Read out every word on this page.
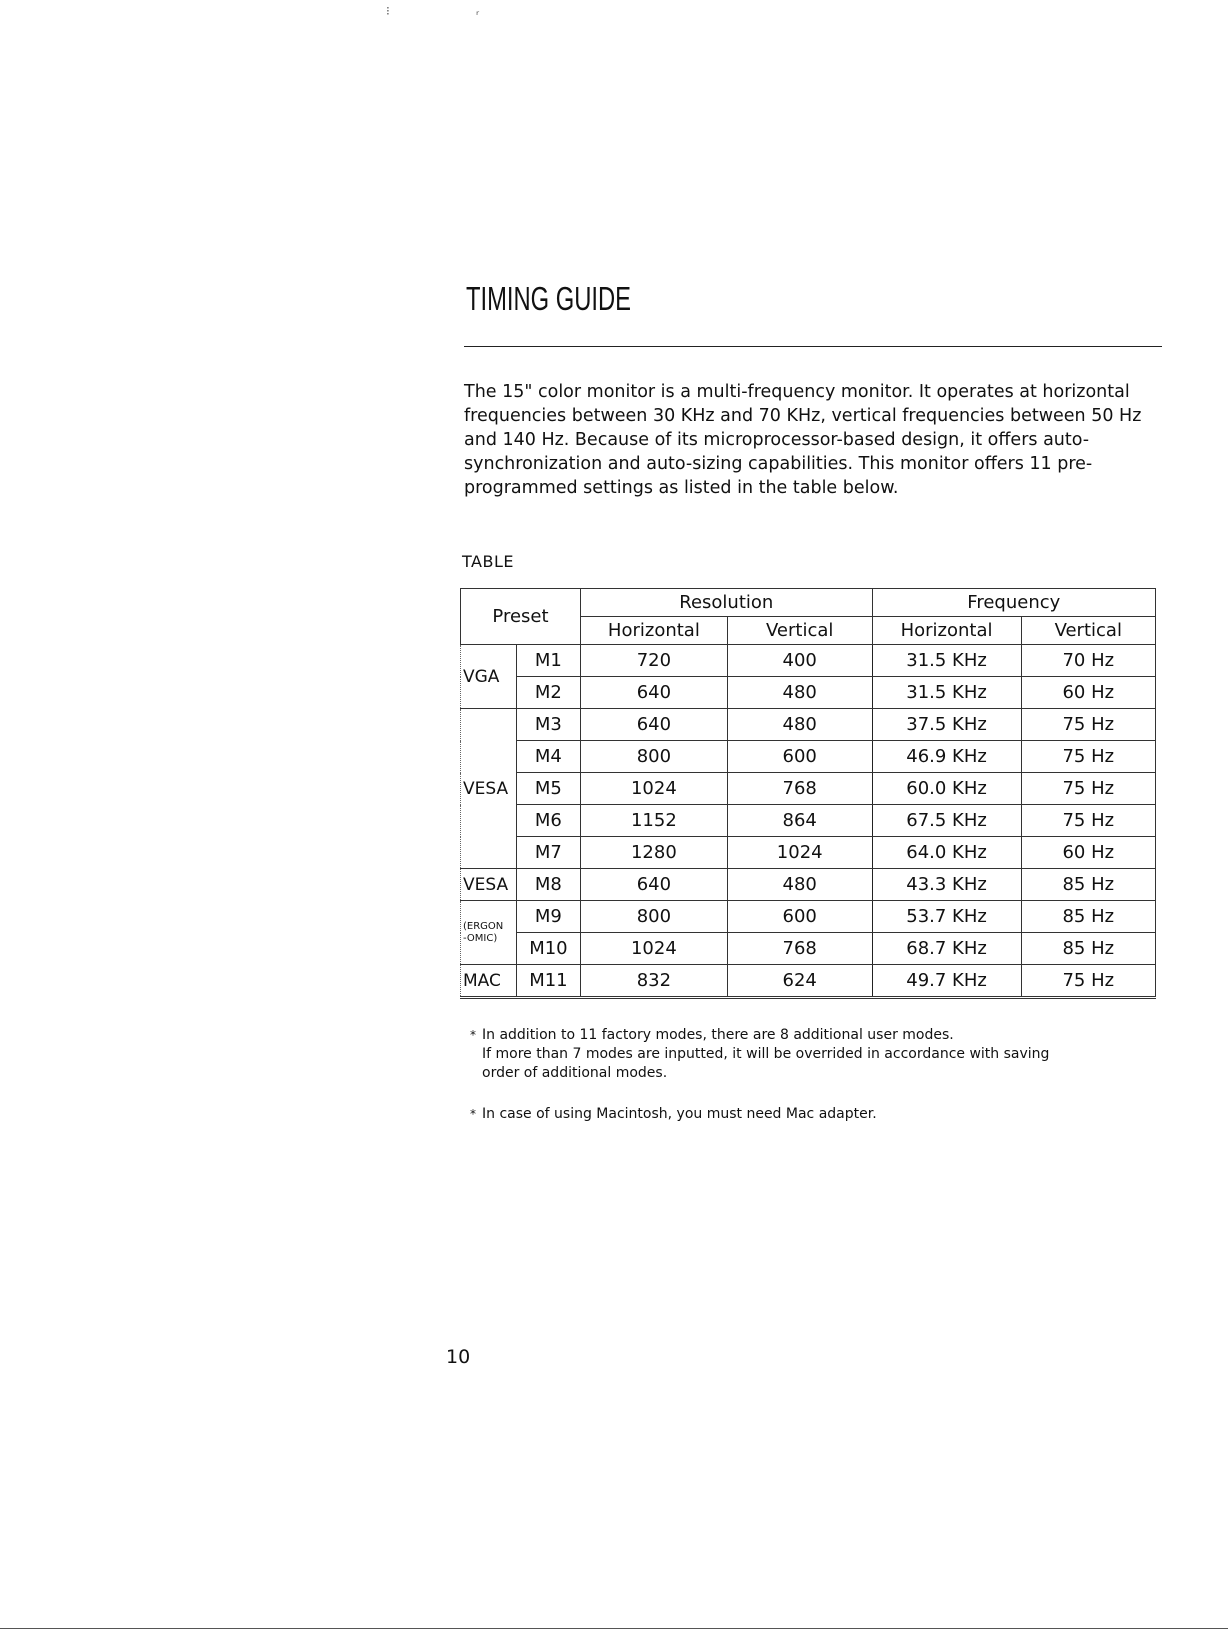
⁝	ʳ
TIMING GUIDE

The 15" color monitor is a multi-frequency monitor. It operates at horizontal frequencies between 30 KHz and 70 KHz, vertical frequencies between 50 Hz and 140 Hz. Because of its microprocessor-based design, it offers auto-synchronization and auto-sizing capabilities. This monitor offers 11 pre-programmed settings as listed in the table below.

TABLE
Preset		Resolution		Frequency	
		Horizontal	Vertical	Horizontal	Vertical
VGA	M1	720	400	31.5 KHz	70 Hz
	M2	640	480	31.5 KHz	60 Hz
VESA	M3	640	480	37.5 KHz	75 Hz
	M4	800	600	46.9 KHz	75 Hz
	M5	1024	768	60.0 KHz	75 Hz
	M6	1152	864	67.5 KHz	75 Hz
	M7	1280	1024	64.0 KHz	60 Hz
VESA	M8	640	480	43.3 KHz	85 Hz

(ERGON
-OMIC)	M9	800	600	53.7 KHz	85 Hz
	M10	1024	768	68.7 KHz	85 Hz
MAC	M11	832	624	49.7 KHz	75 Hz
* In addition to 11 factory modes, there are 8 additional user modes.
If more than 7 modes are inputted, it will be overrided in accordance with saving
order of additional modes.
* In case of using Macintosh, you must need Mac adapter.
10
